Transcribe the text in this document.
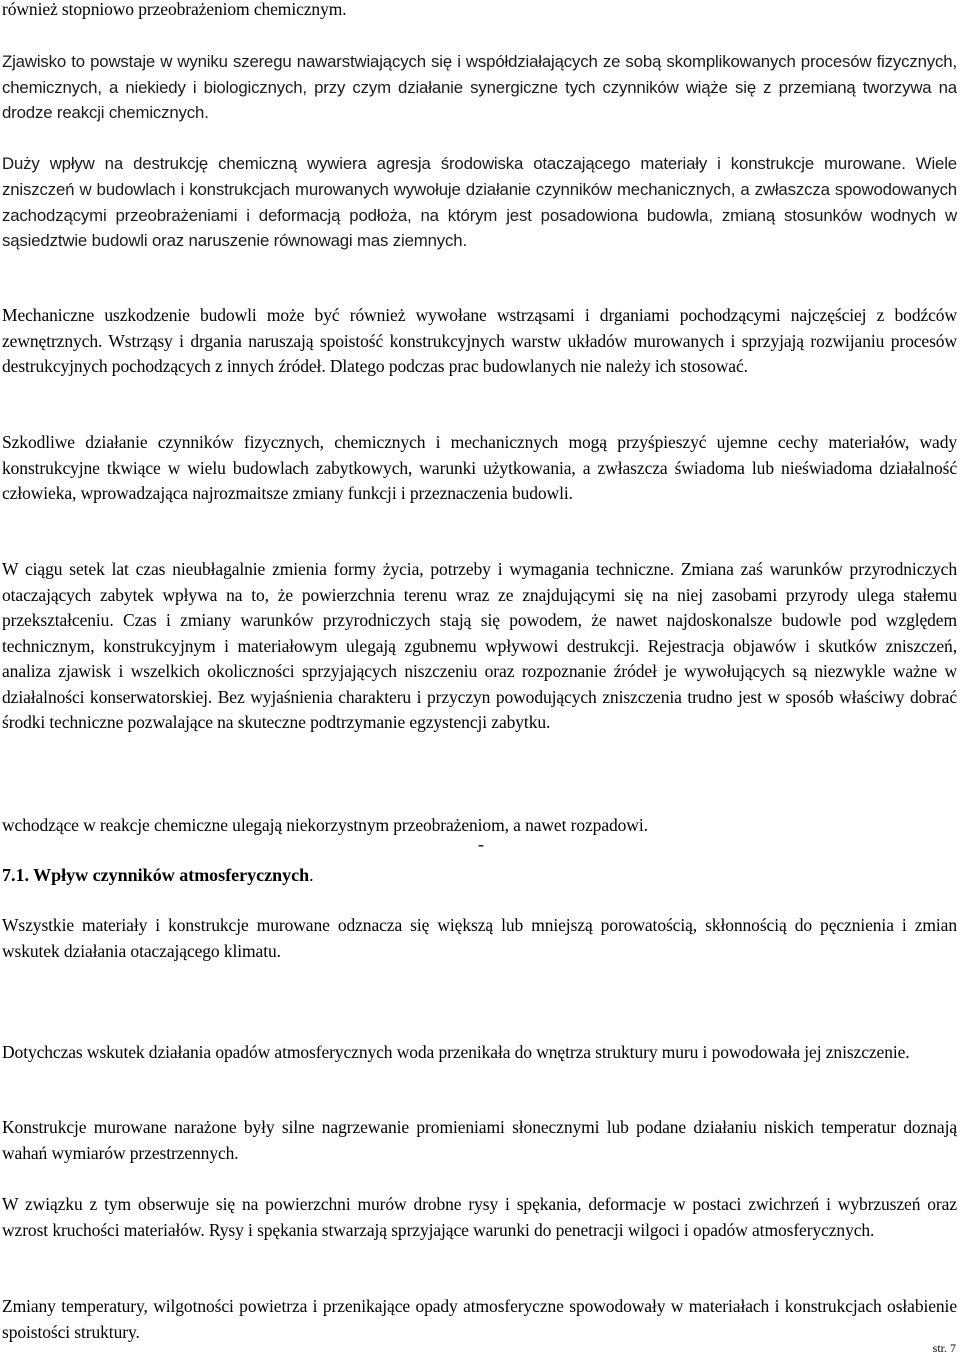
również stopniowo przeobrażeniom chemicznym.

Zjawisko to powstaje w wyniku szeregu nawarstwiających się i współdziałających ze sobą skomplikowanych procesów fizycznych, chemicznych, a niekiedy i biologicznych, przy czym działanie synergiczne tych czynników wiąże się z przemianą tworzywa na drodze reakcji chemicznych.

Duży wpływ na destrukcję chemiczną wywiera agresja środowiska otaczającego materiały i konstrukcje murowane. Wiele zniszczeń w budowlach i konstrukcjach murowanych wywołuje działanie czynników mechanicznych, a zwłaszcza spowodowanych zachodzącymi przeobrażeniami i deformacją podłoża, na którym jest posadowiona budowla, zmianą stosunków wodnych w sąsiedztwie budowli oraz naruszenie równowagi mas ziemnych.

Mechaniczne uszkodzenie budowli może być również wywołane wstrząsami i drganiami pochodzącymi najczęściej z bodźców zewnętrznych. Wstrząsy i drgania naruszają spoistość konstrukcyjnych warstw układów murowanych i sprzyjają rozwijaniu procesów destrukcyjnych pochodzących z innych źródeł. Dlatego podczas prac budowlanych nie należy ich stosować.

Szkodliwe działanie czynników fizycznych, chemicznych i mechanicznych mogą przyśpieszyć ujemne cechy materiałów, wady konstrukcyjne tkwiące w wielu budowlach zabytkowych, warunki użytkowania, a zwłaszcza świadoma lub nieświadoma działalność człowieka, wprowadzająca najrozmaitsze zmiany funkcji i przeznaczenia budowli.

W ciągu setek lat czas nieubłagalnie zmienia formy życia, potrzeby i wymagania techniczne. Zmiana zaś warunków przyrodniczych otaczających zabytek wpływa na to, że powierzchnia terenu wraz ze znajdującymi się na niej zasobami przyrody ulega stałemu przekształceniu. Czas i zmiany warunków przyrodniczych stają się powodem, że nawet najdoskonalsze budowle pod względem technicznym, konstrukcyjnym i materiałowym ulegają zgubnemu wpływowi destrukcji. Rejestracja objawów i skutków zniszczeń, analiza zjawisk i wszelkich okoliczności sprzyjających niszczeniu oraz rozpoznanie źródeł je wywołujących są niezwykle ważne w działalności konserwatorskiej. Bez wyjaśnienia charakteru i przyczyn powodujących zniszczenia trudno jest w sposób właściwy dobrać środki techniczne pozwalające na skuteczne podtrzymanie egzystencji zabytku.

wchodzące w reakcje chemiczne ulegają niekorzystnym przeobrażeniom, a nawet rozpadowi.

-
7.1. Wpływ czynników atmosferycznych.

Wszystkie materiały i konstrukcje murowane odznacza się większą lub mniejszą porowatością, skłonnością do pęcznienia i zmian wskutek działania otaczającego klimatu.

Dotychczas wskutek działania opadów atmosferycznych woda przenikała do wnętrza struktury muru i powodowała jej zniszczenie.

Konstrukcje murowane narażone były silne nagrzewanie promieniami słonecznymi lub podane działaniu niskich temperatur doznają wahań wymiarów przestrzennych.

W związku z tym obserwuje się na powierzchni murów drobne rysy i spękania, deformacje w postaci zwichrzeń i wybrzuszeń oraz wzrost kruchości materiałów. Rysy i spękania stwarzają sprzyjające warunki do penetracji wilgoci i opadów atmosferycznych.

Zmiany temperatury, wilgotności powietrza i przenikające opady atmosferyczne spowodowały w materiałach i konstrukcjach osłabienie spoistości struktury.

str. 7
